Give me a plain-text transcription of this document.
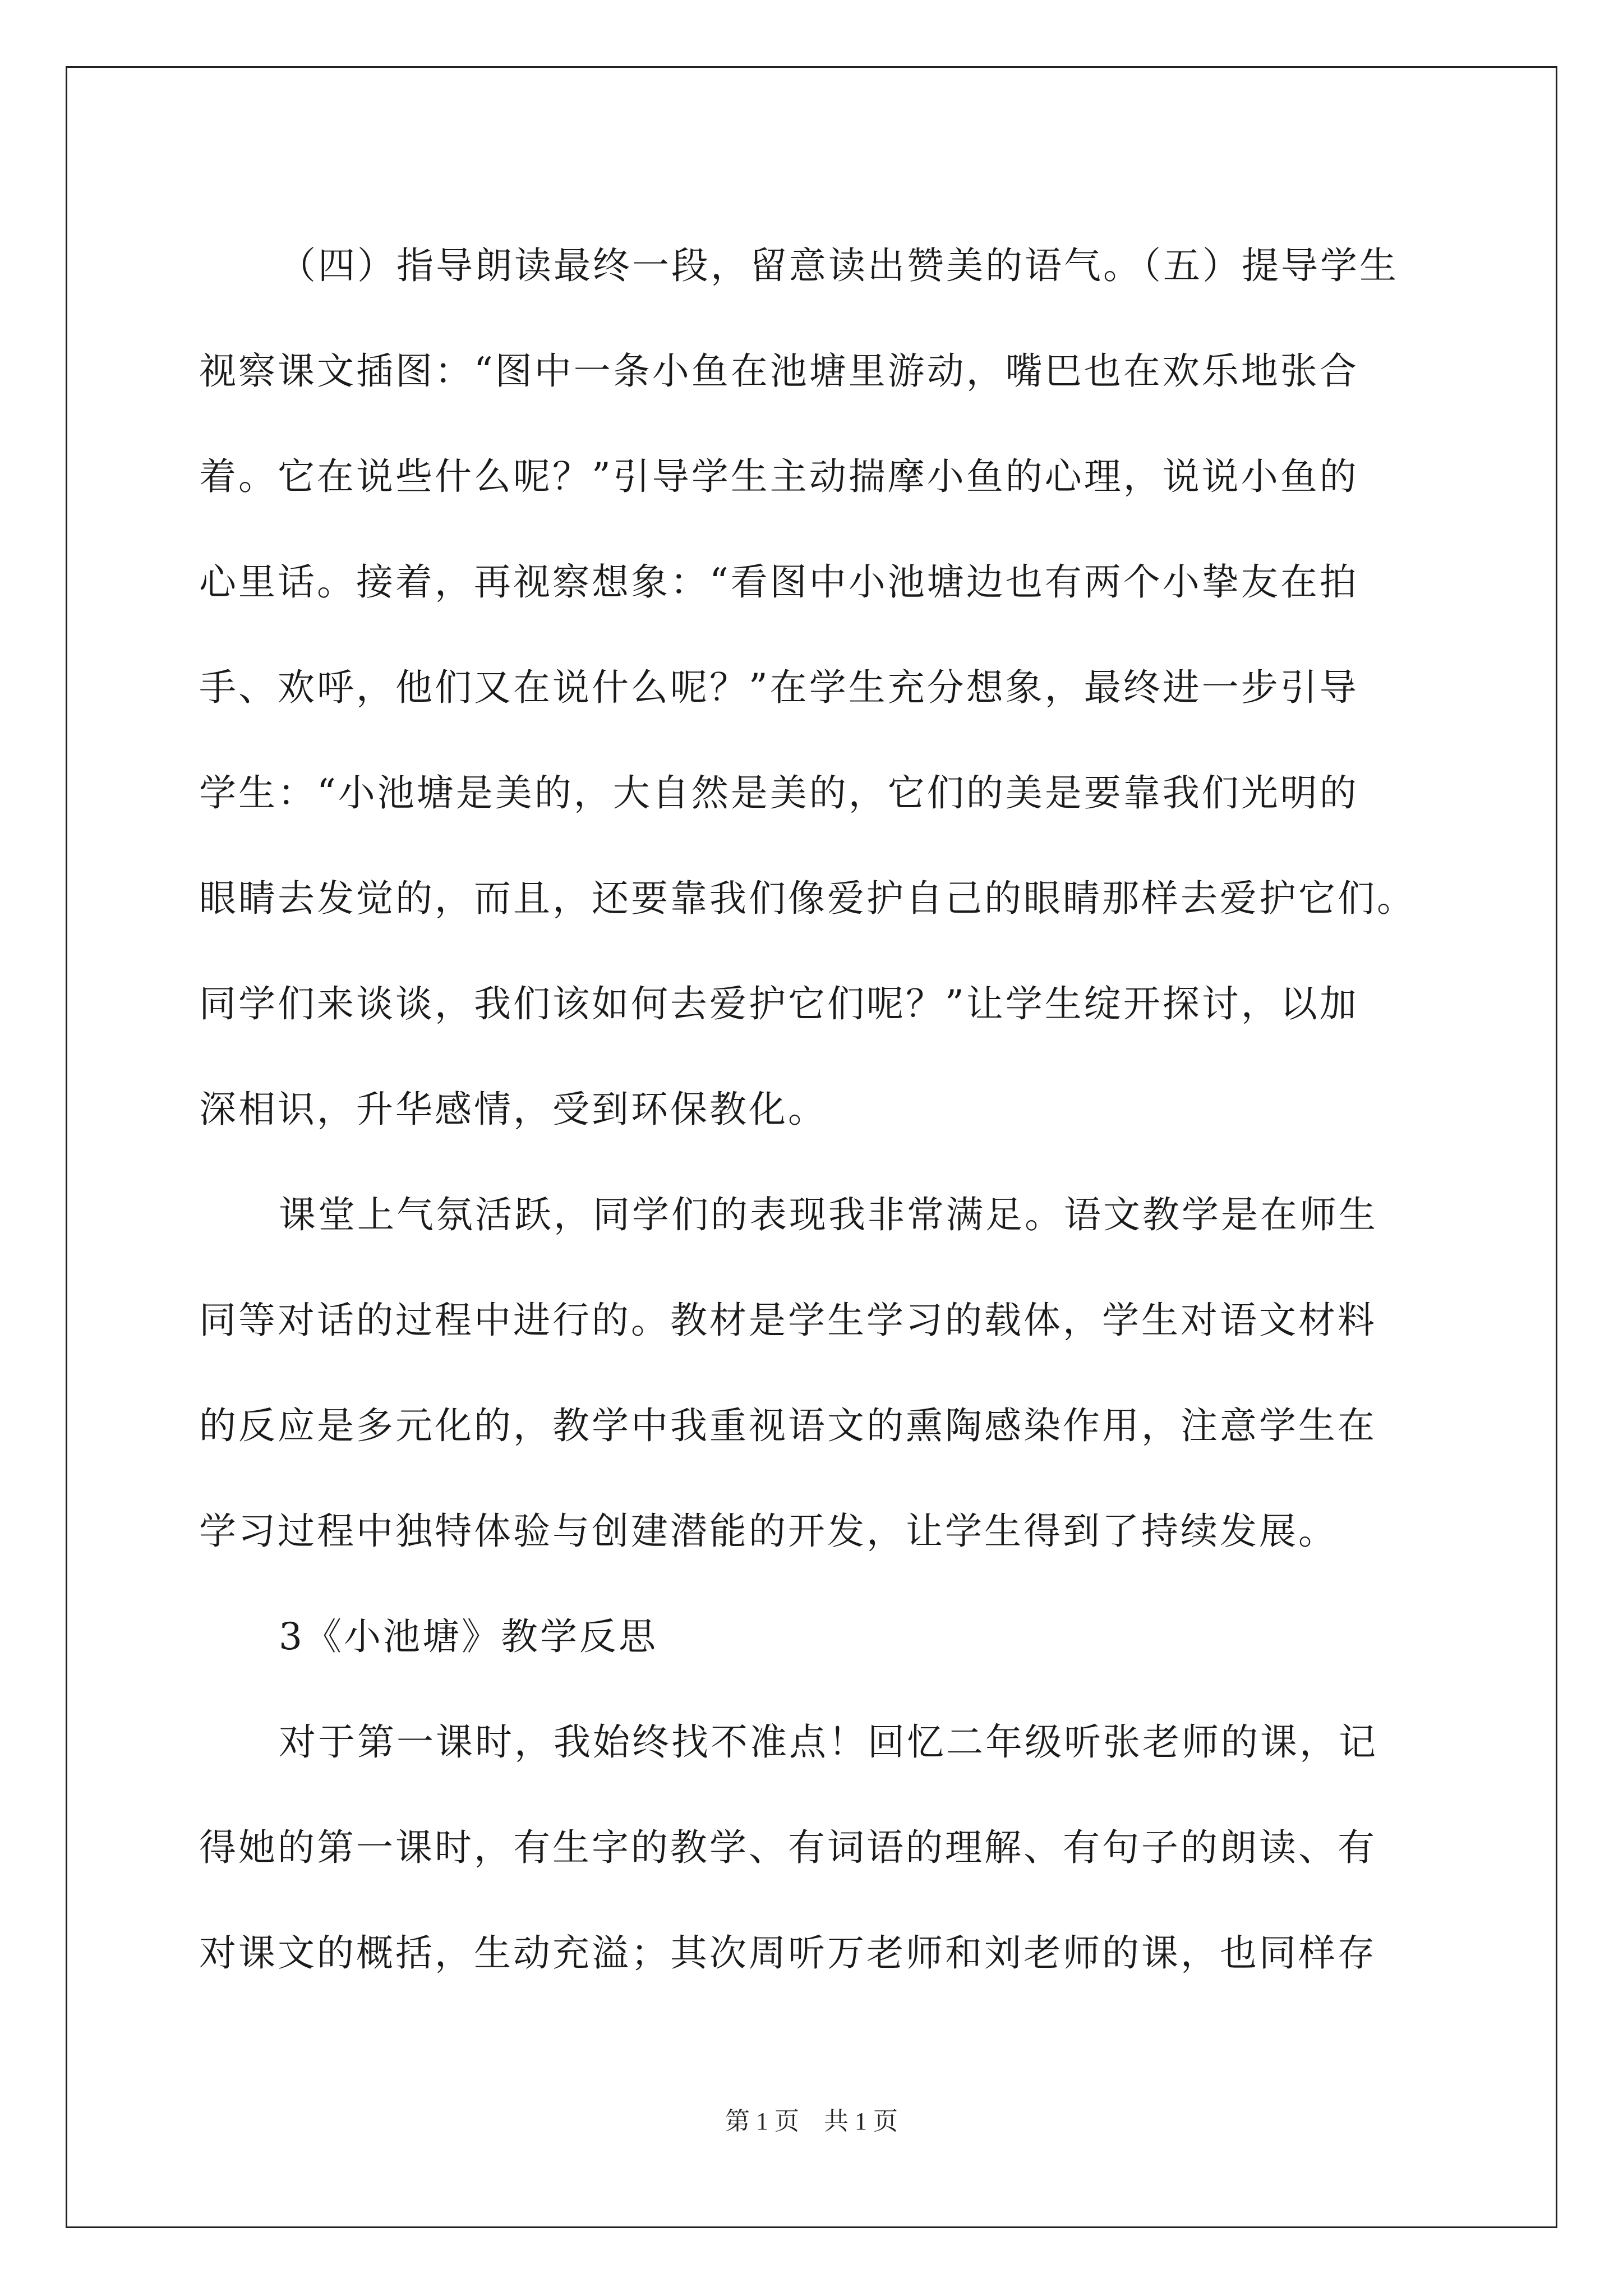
（四）指导朗读最终一段，留意读出赞美的语气。（五）提导学生
视察课文插图：“图中一条小鱼在池塘里游动，嘴巴也在欢乐地张合
着。它在说些什么呢？”引导学生主动揣摩小鱼的心理，说说小鱼的
心里话。接着，再视察想象：“看图中小池塘边也有两个小挚友在拍
手、欢呼，他们又在说什么呢？”在学生充分想象，最终进一步引导
学生：“小池塘是美的，大自然是美的，它们的美是要靠我们光明的
眼睛去发觉的，而且，还要靠我们像爱护自己的眼睛那样去爱护它们。
同学们来谈谈，我们该如何去爱护它们呢？”让学生绽开探讨，以加
深相识，升华感情，受到环保教化。
课堂上气氛活跃，同学们的表现我非常满足。语文教学是在师生
同等对话的过程中进行的。教材是学生学习的载体，学生对语文材料
的反应是多元化的，教学中我重视语文的熏陶感染作用，注意学生在
学习过程中独特体验与创建潜能的开发，让学生得到了持续发展。
3《小池塘》教学反思
对于第一课时，我始终找不准点！回忆二年级听张老师的课，记
得她的第一课时，有生字的教学、有词语的理解、有句子的朗读、有
对课文的概括，生动充溢；其次周听万老师和刘老师的课，也同样存
第 1 页　共 1 页
